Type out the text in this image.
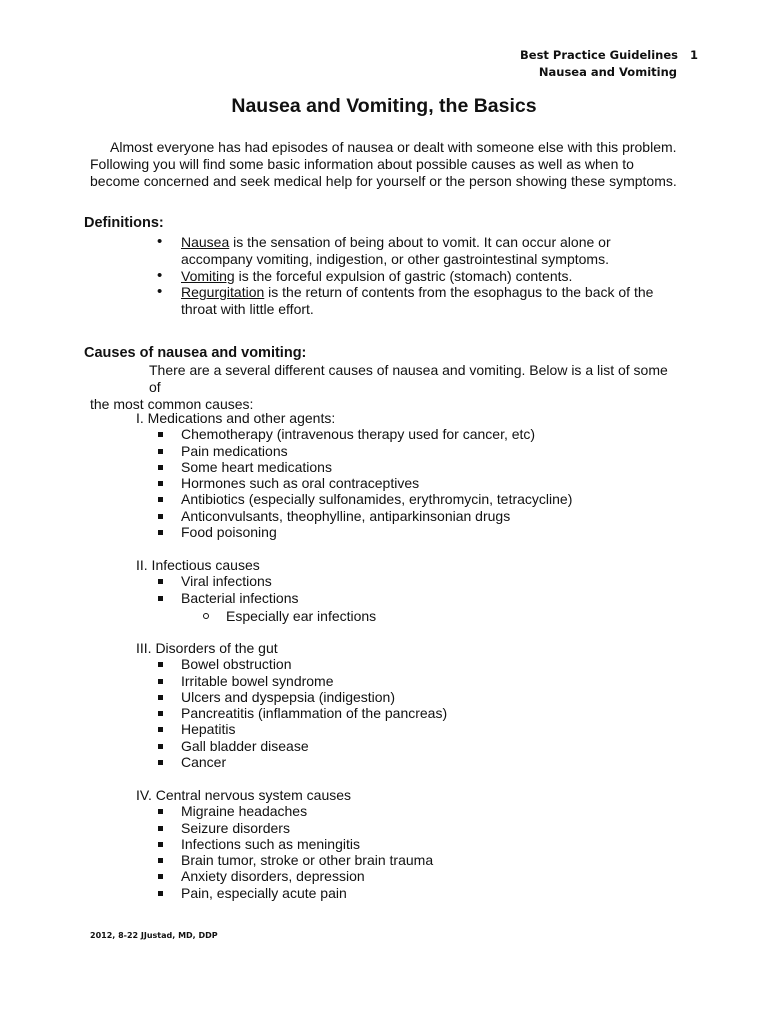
Best Practice Guidelines 1
Nausea and Vomiting
Nausea and Vomiting, the Basics
Almost everyone has had episodes of nausea or dealt with someone else with this problem.
Following you will find some basic information about possible causes as well as when to
become concerned and seek medical help for yourself or the person showing these symptoms.
Definitions:
• Nausea is the sensation of being about to vomit. It can occur alone or
accompany vomiting, indigestion, or other gastrointestinal symptoms.
• Vomiting is the forceful expulsion of gastric (stomach) contents.
• Regurgitation is the return of contents from the esophagus to the back of the
throat with little effort.
Causes of nausea and vomiting:
There are a several different causes of nausea and vomiting. Below is a list of some of
the most common causes:
I. Medications and other agents:
Chemotherapy (intravenous therapy used for cancer, etc)
Pain medications
Some heart medications
Hormones such as oral contraceptives
Antibiotics (especially sulfonamides, erythromycin, tetracycline)
Anticonvulsants, theophylline, antiparkinsonian drugs
Food poisoning
II. Infectious causes
Viral infections
Bacterial infections
Especially ear infections
III. Disorders of the gut
Bowel obstruction
Irritable bowel syndrome
Ulcers and dyspepsia (indigestion)
Pancreatitis (inflammation of the pancreas)
Hepatitis
Gall bladder disease
Cancer
IV. Central nervous system causes
Migraine headaches
Seizure disorders
Infections such as meningitis
Brain tumor, stroke or other brain trauma
Anxiety disorders, depression
Pain, especially acute pain
2012, 8-22 JJustad, MD, DDP
